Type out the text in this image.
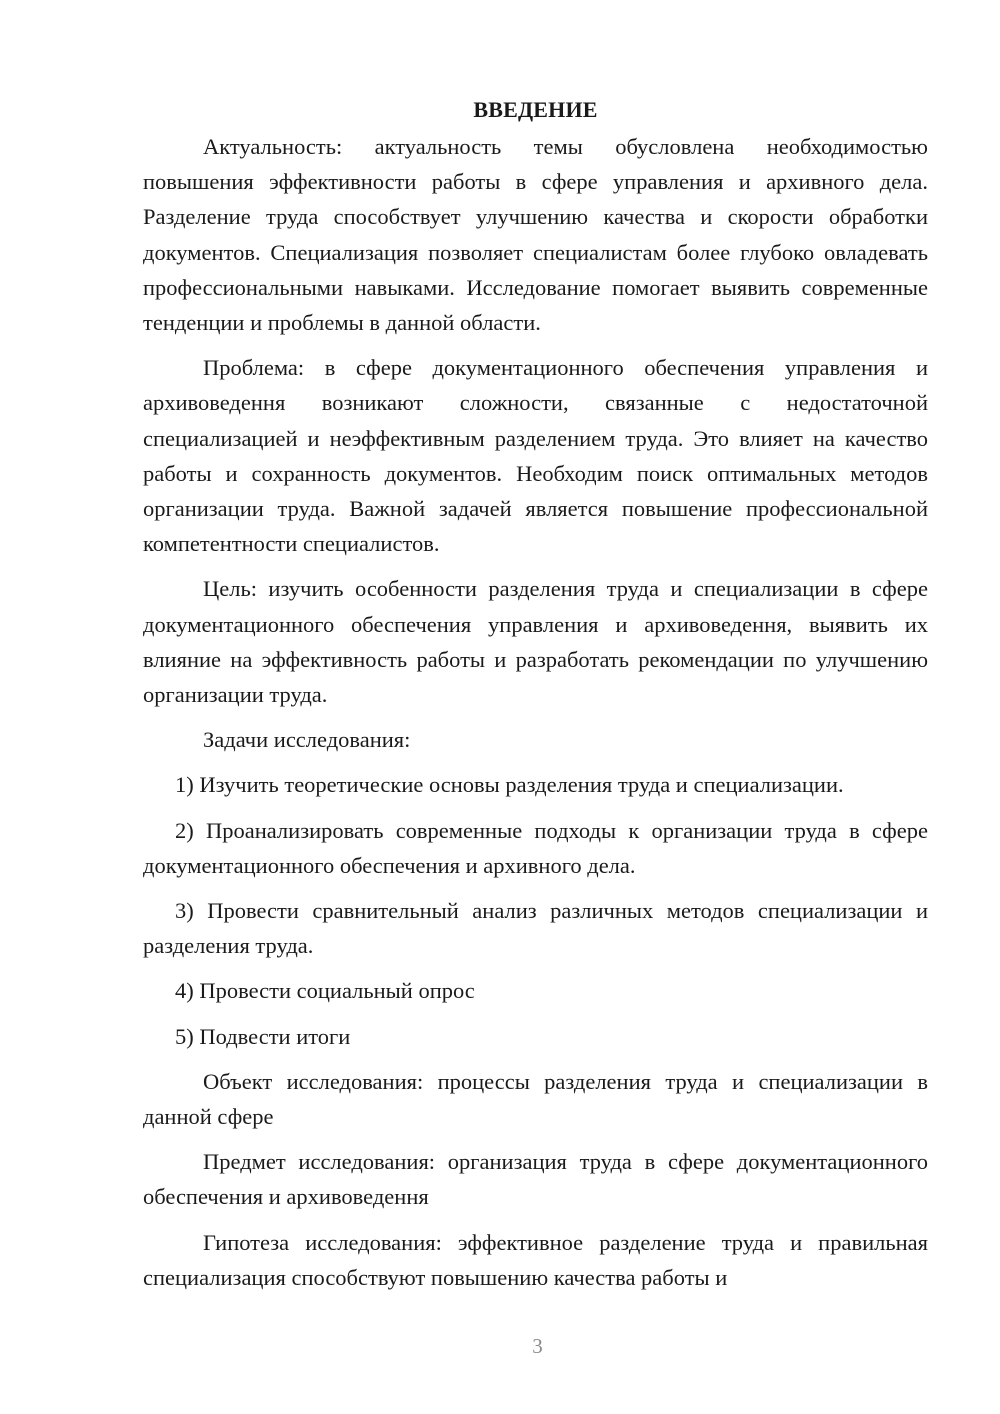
ВВЕДЕНИЕ

Актуальность: актуальность темы обусловлена необходимостью повышения эффективности работы в сфере управления и архивного дела. Разделение труда способствует улучшению качества и скорости обработки документов. Специализация позволяет специалистам более глубоко овладевать профессиональными навыками. Исследование помогает выявить современные тенденции и проблемы в данной области.

Проблема: в сфере документационного обеспечения управления и архивоведення возникают сложности, связанные с недостаточной специализацией и неэффективным разделением труда. Это влияет на качество работы и сохранность документов. Необходим поиск оптимальных методов организации труда. Важной задачей является повышение профессиональной компетентности специалистов.

Цель: изучить особенности разделения труда и специализации в сфере документационного обеспечения управления и архивоведення, выявить их влияние на эффективность работы и разработать рекомендации по улучшению организации труда.

Задачи исследования:

1) Изучить теоретические основы разделения труда и специализации.

2) Проанализировать современные подходы к организации труда в сфере документационного обеспечения и архивного дела.

3) Провести сравнительный анализ различных методов специализации и разделения труда.

4) Провести социальный опрос

5) Подвести итоги

Объект исследования: процессы разделения труда и специализации в данной сфере

Предмет исследования: организация труда в сфере документационного обеспечения и архивоведення

Гипотеза исследования: эффективное разделение труда и правильная специализация способствуют повышению качества работы и

3
